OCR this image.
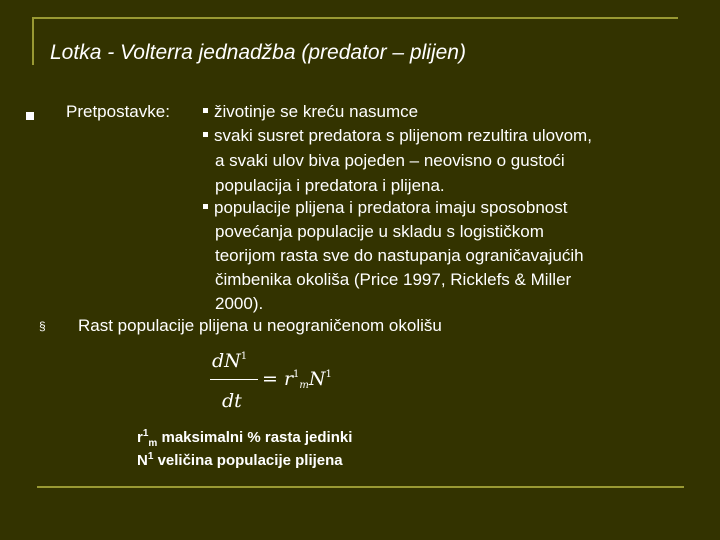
Lotka - Volterra jednadžba (predator – plijen)
Pretpostavke:	životinje se kreću nasumce
svaki susret predatora s plijenom rezultira ulovom,
a svaki ulov biva pojeden – neovisno o gustoći
populacija i predatora i plijena.
populacije plijena i predatora imaju sposobnost
povećanja populacije u skladu s logističkom
teorijom rasta sve do nastupanja ograničavajućih
čimbenika okoliša (Price 1997, Ricklefs & Miller
2000).
§ Rast populacije plijena u neograničenom okolišu
$dN^1$
dt
= $r^1_mN^1$
$r^1_m$ maksimalni % rasta jedinki
$N^1$ veličina populacije plijena
